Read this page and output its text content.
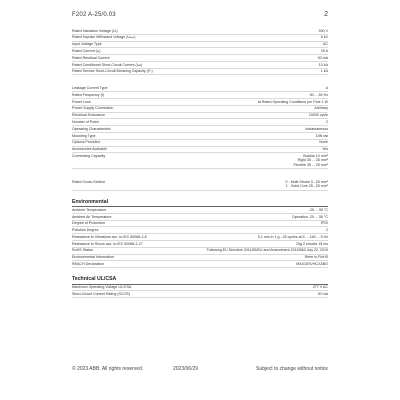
F202 A-25/0.03	2
Rated Insulation Voltage (Uᵢ)	500 V
Rated Impulse Withstand Voltage (Uᵢₘₚ)	6 kV
Input Voltage Type	AC
Rated Current (Iₙ)	25 A
Rated Residual Current	30 mA
Rated Conditional Short-Circuit Current (Iₙc)	10 kA
Rated Service Short-Circuit Breaking Capacity (Iᶜₛ)	1 kA
Leakage Current Type	A
Rated Frequency (f)	50 ... 60 Hz
Power Loss	at Rated Operating Conditions per Pole 1 W
Power Supply Connection	Arbitrary
Electrical Endurance	10000 cycle
Number of Poles	2
Operating Characteristic	Instantaneous
Mounting Type	DIN rail
Options Provided	None
Accessories Available	Yes
Connecting Capacity	Busbar 10 mm²
Rigid 35 ... 35 mm²
Flexible 35 ... 25 mm²
Rated Cross-Section	0 - Multi-Stroke 0...25 mm²
1 - Solid Core 25...25 mm²
Environmental
Ambient Temperature	-25 ... 55 °C
Ambient Air Temperature	Operation -25 ... 55 °C
Degree of Protection	IP20
Pollution Degree	2
Resistance to Vibrations acc. to IEC 60068-2-6	0.1 m/s in 1 g - 25 cycles at 5 ... 150 ... 5 Hz
Resistance to Shock acc. to IEC 60068-2-27	25g 2 shocks 15 ms
RoHS Status	Following EU Directive 2011/65/EU and Amendment 2015/863 July 22, 2019
Environmental Information	Refer to RoHS
REACH Declaration	MAX10SVHCXABO
Technical UL/CSA
Maximum Operating Voltage UL/CSA	277 V AC
Short-Circuit Current Rating (SCCR)	30 mA
© 2023 ABB. All rights reserved.	2023/06/29	Subject to change without notice
